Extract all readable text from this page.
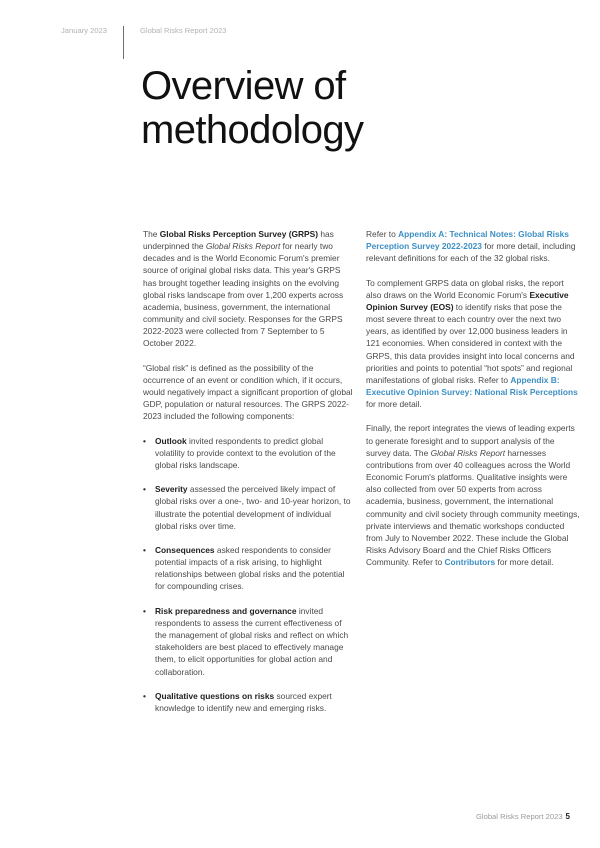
January 2023	Global Risks Report 2023
Overview of
methodology

The Global Risks Perception Survey (GRPS) has underpinned the Global Risks Report for nearly two decades and is the World Economic Forum's premier source of original global risks data. This year's GRPS has brought together leading insights on the evolving global risks landscape from over 1,200 experts across academia, business, government, the international community and civil society. Responses for the GRPS 2022-2023 were collected from 7 September to 5 October 2022.

“Global risk” is defined as the possibility of the occurrence of an event or condition which, if it occurs, would negatively impact a significant proportion of global GDP, population or natural resources. The GRPS 2022-2023 included the following components:

• Outlook invited respondents to predict global volatility to provide context to the evolution of the global risks landscape.
• Severity assessed the perceived likely impact of global risks over a one-, two- and 10-year horizon, to illustrate the potential development of individual global risks over time.
• Consequences asked respondents to consider potential impacts of a risk arising, to highlight relationships between global risks and the potential for compounding crises.
• Risk preparedness and governance invited respondents to assess the current effectiveness of the management of global risks and reflect on which stakeholders are best placed to effectively manage them, to elicit opportunities for global action and collaboration.
• Qualitative questions on risks sourced expert knowledge to identify new and emerging risks.

Refer to Appendix A: Technical Notes: Global Risks Perception Survey 2022-2023 for more detail, including relevant definitions for each of the 32 global risks.

To complement GRPS data on global risks, the report also draws on the World Economic Forum's Executive Opinion Survey (EOS) to identify risks that pose the most severe threat to each country over the next two years, as identified by over 12,000 business leaders in 121 economies. When considered in context with the GRPS, this data provides insight into local concerns and priorities and points to potential “hot spots” and regional manifestations of global risks. Refer to Appendix B: Executive Opinion Survey: National Risk Perceptions for more detail.

Finally, the report integrates the views of leading experts to generate foresight and to support analysis of the survey data. The Global Risks Report harnesses contributions from over 40 colleagues across the World Economic Forum's platforms. Qualitative insights were also collected from over 50 experts from across academia, business, government, the international community and civil society through community meetings, private interviews and thematic workshops conducted from July to November 2022. These include the Global Risks Advisory Board and the Chief Risks Officers Community. Refer to Contributors for more detail.

Global Risks Report 2023 5
